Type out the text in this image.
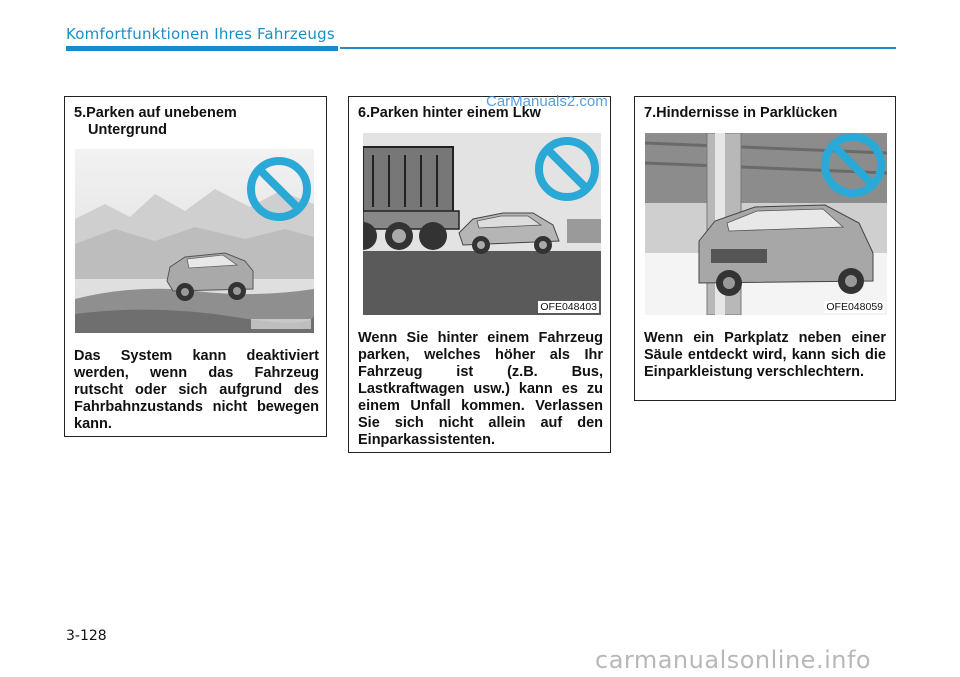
Komfortfunktionen Ihres Fahrzeugs
5.Parken auf unebenem
Untergrund
Das System kann deaktiviert werden, wenn das Fahrzeug rutscht oder sich aufgrund des Fahrbahnzustands nicht bewegen kann.
6.Parken hinter einem Lkw
OFE048403
Wenn Sie hinter einem Fahrzeug parken, welches höher als Ihr Fahrzeug ist (z.B. Bus, Lastkraftwagen usw.) kann es zu einem Unfall kommen. Verlassen Sie sich nicht allein auf den Einparkassistenten.
7.Hindernisse in Parklücken
OFE048059
Wenn ein Parkplatz neben einer Säule entdeckt wird, kann sich die Einparkleistung verschlechtern.
CarManuals2.com
3-128
carmanualsonline.info
